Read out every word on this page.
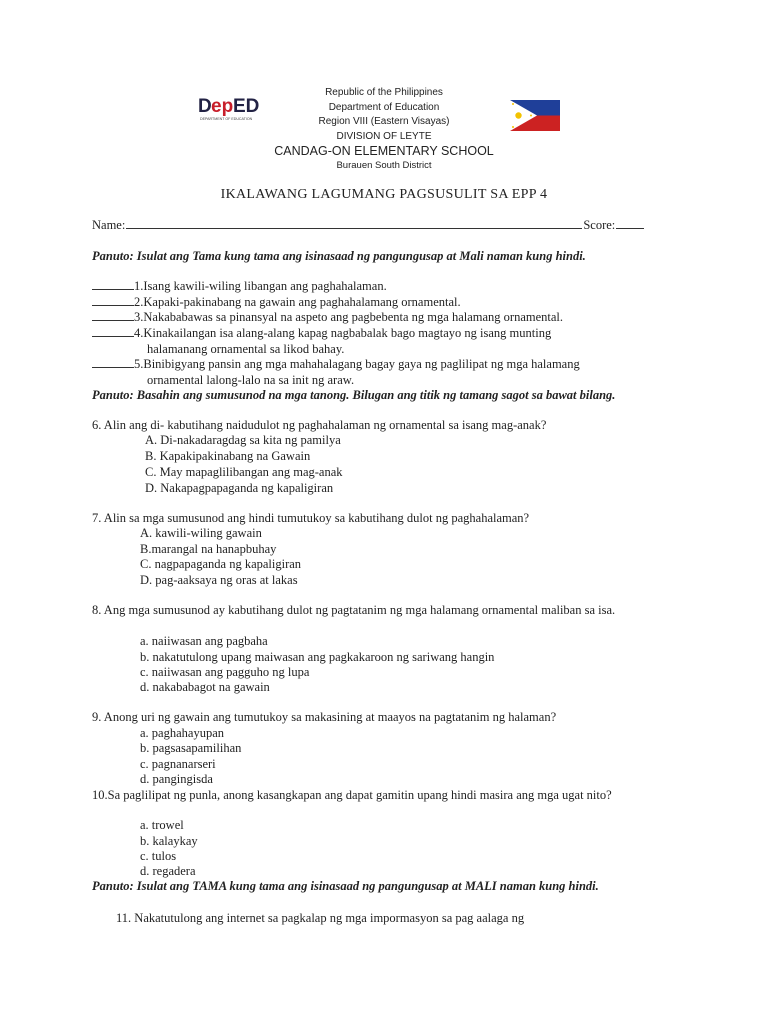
D ep ED
DEPARTMENT OF EDUCATION
Republic of the Philippines
Department of Education
Region VIII (Eastern Visayas)
DIVISION OF LEYTE
CANDAG-ON ELEMENTARY SCHOOL
Burauen South District
IKALAWANG LAGUMANG PAGSUSULIT SA EPP 4
Name:	Score:
Panuto: Isulat ang Tama kung tama ang isinasaad ng pangungusap at Mali naman kung hindi.
1.Isang kawili-wiling libangan ang paghahalaman.
2.Kapaki-pakinabang na gawain ang paghahalamang ornamental.
3.Nakababawas sa pinansyal na aspeto ang pagbebenta ng mga halamang ornamental.
4.Kinakailangan isa alang-alang kapag nagbabalak bago magtayo ng isang munting
halamanang ornamental sa likod bahay.
5.Binibigyang pansin ang mga mahahalagang bagay gaya ng paglilipat ng mga halamang
ornamental lalong-lalo na sa init ng araw.
Panuto: Basahin ang sumusunod na mga tanong. Bilugan ang titik ng tamang sagot sa bawat bilang.
6. Alin ang di- kabutihang naidudulot ng paghahalaman ng ornamental sa isang mag-anak?
A. Di-nakadaragdag sa kita ng pamilya
B. Kapakipakinabang na Gawain
C. May mapaglilibangan ang mag-anak
D. Nakapagpapaganda ng kapaligiran
7. Alin sa mga sumusunod ang hindi tumutukoy sa kabutihang dulot ng paghahalaman?
A. kawili-wiling gawain
B.marangal na hanapbuhay
C. nagpapaganda ng kapaligiran
D. pag-aaksaya ng oras at lakas
8. Ang mga sumusunod ay kabutihang dulot ng pagtatanim ng mga halamang ornamental maliban sa isa.
a. naiiwasan ang pagbaha
b. nakatutulong upang maiwasan ang pagkakaroon ng sariwang hangin
c. naiiwasan ang pagguho ng lupa
d. nakababagot na gawain
9. Anong uri ng gawain ang tumutukoy sa makasining at maayos na pagtatanim ng halaman?
a. paghahayupan
b. pagsasapamilihan
c. pagnanarseri
d. pangingisda
10.Sa paglilipat ng punla, anong kasangkapan ang dapat gamitin upang hindi masira ang mga ugat nito?
a. trowel
b. kalaykay
c. tulos
d. regadera
Panuto: Isulat ang TAMA kung tama ang isinasaad ng pangungusap at MALI naman kung hindi.
11. Nakatutulong ang internet sa pagkalap ng mga impormasyon sa pag aalaga ng
